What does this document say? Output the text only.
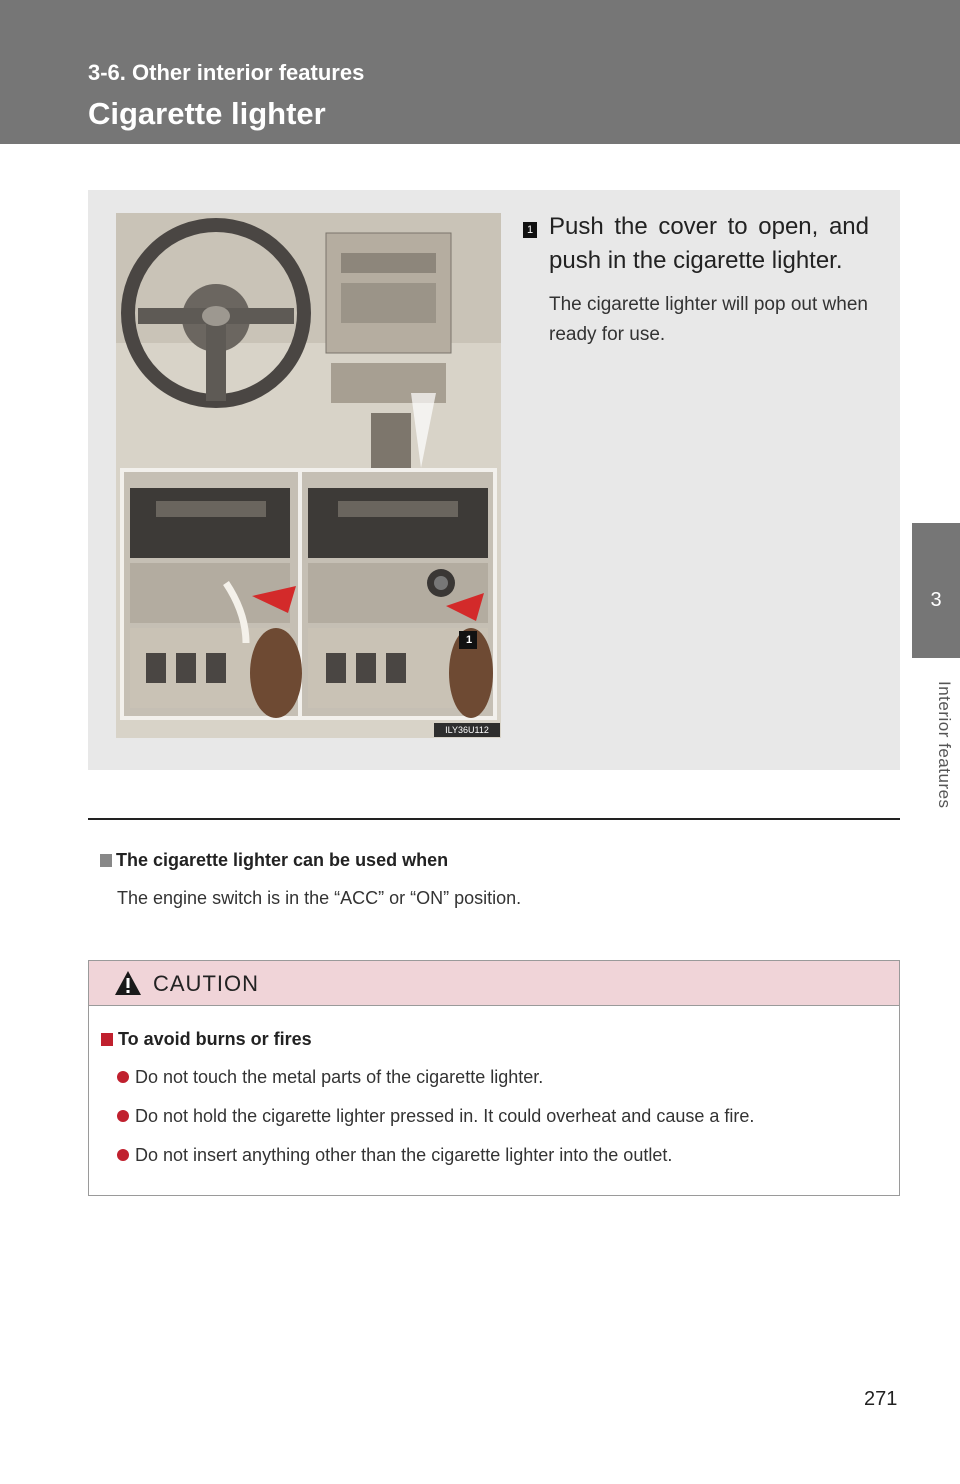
3-6. Other interior features
Cigarette lighter
3
Interior features
1
ILY36U112
1 Push the cover to open, and push in the cigarette lighter.
The cigarette lighter will pop out when ready for use.
The cigarette lighter can be used when
The engine switch is in the “ACC” or “ON” position.
CAUTION
To avoid burns or fires
Do not touch the metal parts of the cigarette lighter.
Do not hold the cigarette lighter pressed in. It could overheat and cause a fire.
Do not insert anything other than the cigarette lighter into the outlet.
271
